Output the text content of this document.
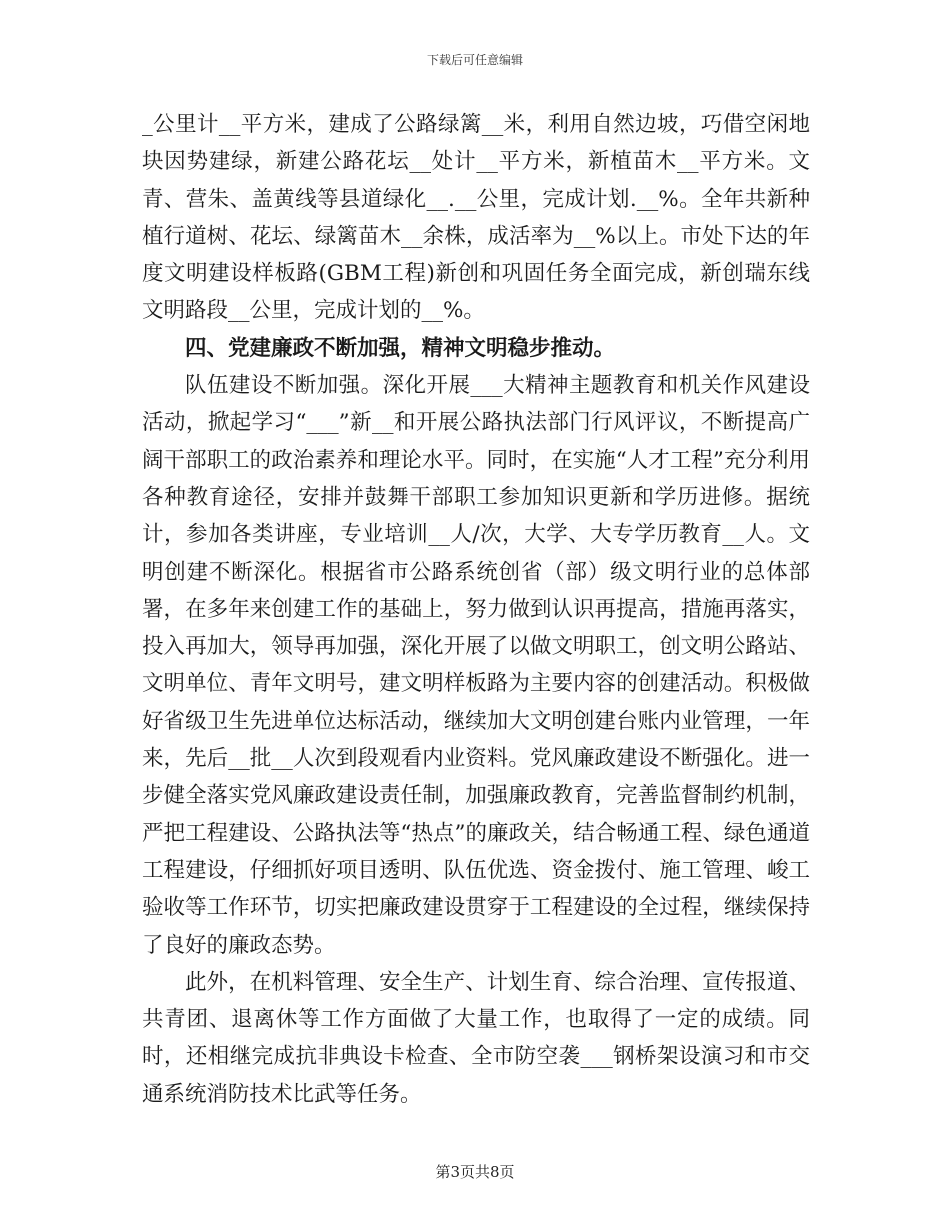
下载后可任意编辑

_公里计__平方米，建成了公路绿篱__米，利用自然边坡，巧借空闲地块因势建绿，新建公路花坛__处计__平方米，新植苗木__平方米。文青、营朱、盖黄线等县道绿化__.__公里，完成计划.__%。全年共新种植行道树、花坛、绿篱苗木__余株，成活率为__%以上。市处下达的年度文明建设样板路(GBM工程)新创和巩固任务全面完成，新创瑞东线文明路段__公里，完成计划的__%。

四、党建廉政不断加强，精神文明稳步推动。

队伍建设不断加强。深化开展___大精神主题教育和机关作风建设活动，掀起学习“___”新__和开展公路执法部门行风评议，不断提高广阔干部职工的政治素养和理论水平。同时，在实施“人才工程”充分利用各种教育途径，安排并鼓舞干部职工参加知识更新和学历进修。据统计，参加各类讲座，专业培训__人/次，大学、大专学历教育__人。文明创建不断深化。根据省市公路系统创省（部）级文明行业的总体部署，在多年来创建工作的基础上，努力做到认识再提高，措施再落实，投入再加大，领导再加强，深化开展了以做文明职工，创文明公路站、文明单位、青年文明号，建文明样板路为主要内容的创建活动。积极做好省级卫生先进单位达标活动，继续加大文明创建台账内业管理，一年来，先后__批__人次到段观看内业资料。党风廉政建设不断强化。进一步健全落实党风廉政建设责任制，加强廉政教育，完善监督制约机制，严把工程建设、公路执法等“热点”的廉政关，结合畅通工程、绿色通道工程建设，仔细抓好项目透明、队伍优选、资金拨付、施工管理、峻工验收等工作环节，切实把廉政建设贯穿于工程建设的全过程，继续保持了良好的廉政态势。

此外，在机料管理、安全生产、计划生育、综合治理、宣传报道、共青团、退离休等工作方面做了大量工作，也取得了一定的成绩。同时，还相继完成抗非典设卡检查、全市防空袭___钢桥架设演习和市交通系统消防技术比武等任务。

第3页共8页
